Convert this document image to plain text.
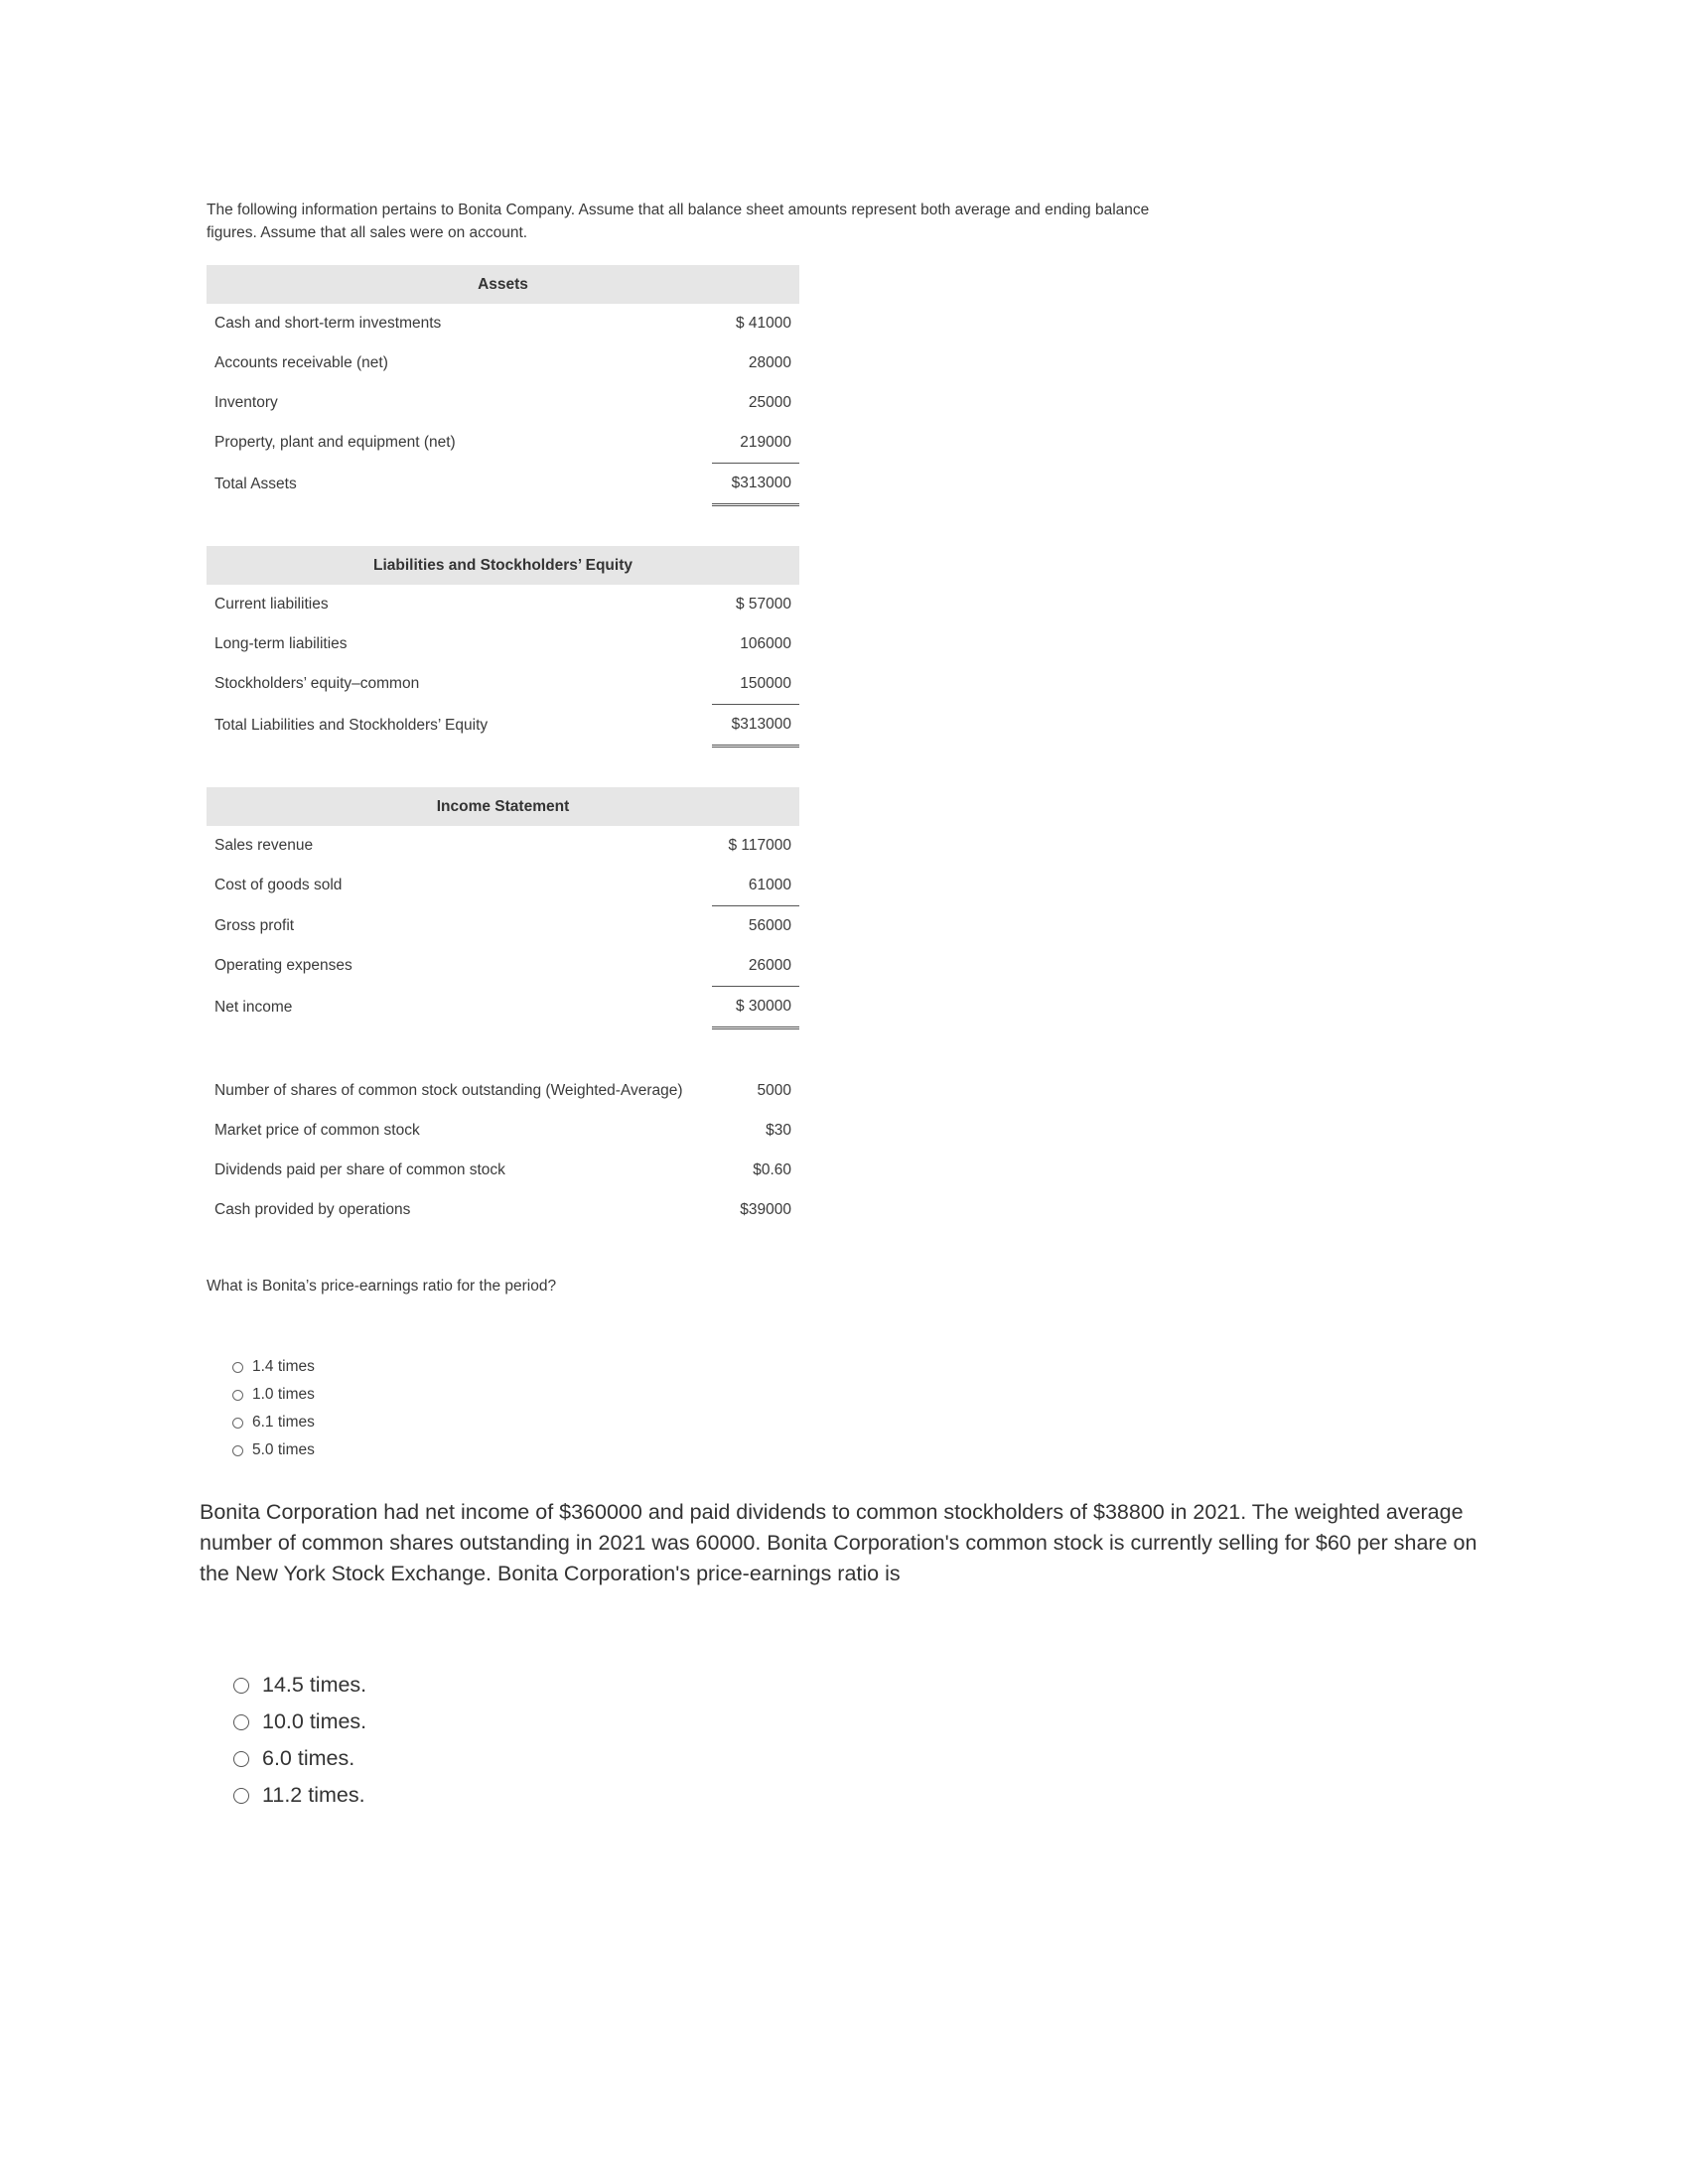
The following information pertains to Bonita Company. Assume that all balance sheet amounts represent both average and ending balance figures. Assume that all sales were on account.

Assets	
Cash and short-term investments	$ 41000
Accounts receivable (net)	28000
Inventory	25000
Property, plant and equipment (net)	219000
Total Assets	$313000
Liabilities and Stockholders’ Equity	
Current liabilities	$ 57000
Long-term liabilities	106000
Stockholders’ equity–common	150000
Total Liabilities and Stockholders’ Equity	$313000
Income Statement	
Sales revenue	$ 117000
Cost of goods sold	61000
Gross profit	56000
Operating expenses	26000
Net income	$ 30000
Number of shares of common stock outstanding (Weighted-Average)	5000
Market price of common stock	$30
Dividends paid per share of common stock	$0.60
Cash provided by operations	$39000

What is Bonita’s price-earnings ratio for the period?

1.4 times
1.0 times
6.1 times
5.0 times

Bonita Corporation had net income of $360000 and paid dividends to common stockholders of $38800 in 2021. The weighted average number of common shares outstanding in 2021 was 60000. Bonita Corporation's common stock is currently selling for $60 per share on the New York Stock Exchange. Bonita Corporation's price-earnings ratio is

14.5 times.
10.0 times.
6.0 times.
11.2 times.
